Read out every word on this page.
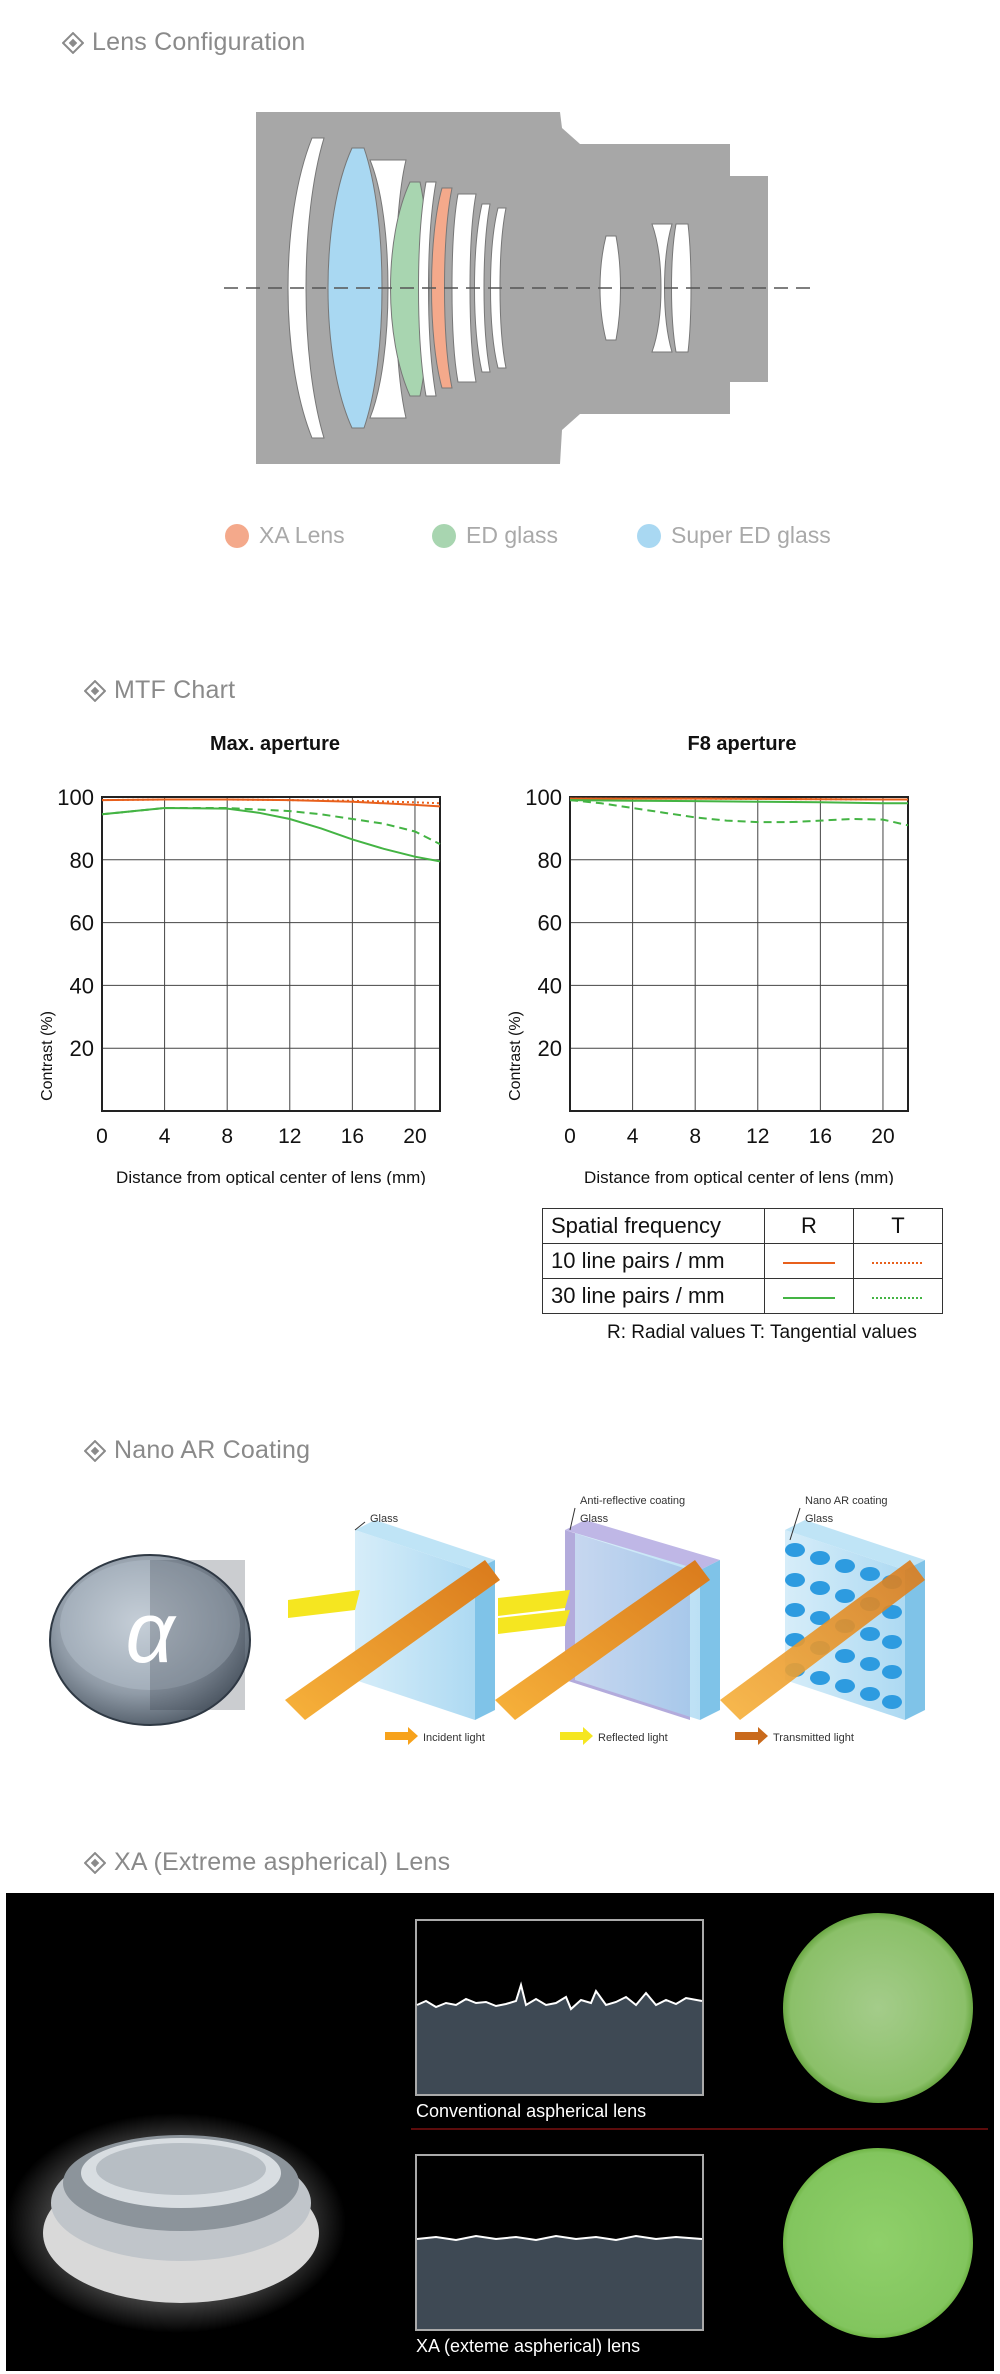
Lens Configuration
XA Lens	ED glass	Super ED glass
MTF Chart
Max. aperture	F8 aperture
0 4 8 12 16 20
20
40
60
80
100
Distance from optical center of lens (mm)
Contrast (%)
0 4 8 12 16 20
20
40
60
80
100
Distance from optical center of lens (mm)
Contrast (%)
Spatial frequency	R	T
10 line pairs / mm		
30 line pairs / mm		
R: Radial values T: Tangential values
Nano AR Coating
α
Glass
Anti-reflective coating
Glass
Nano AR coating
Glass
Incident light	Reflected light	Transmitted light
XA (Extreme aspherical) Lens
Conventional aspherical lens
XA (exteme aspherical) lens
